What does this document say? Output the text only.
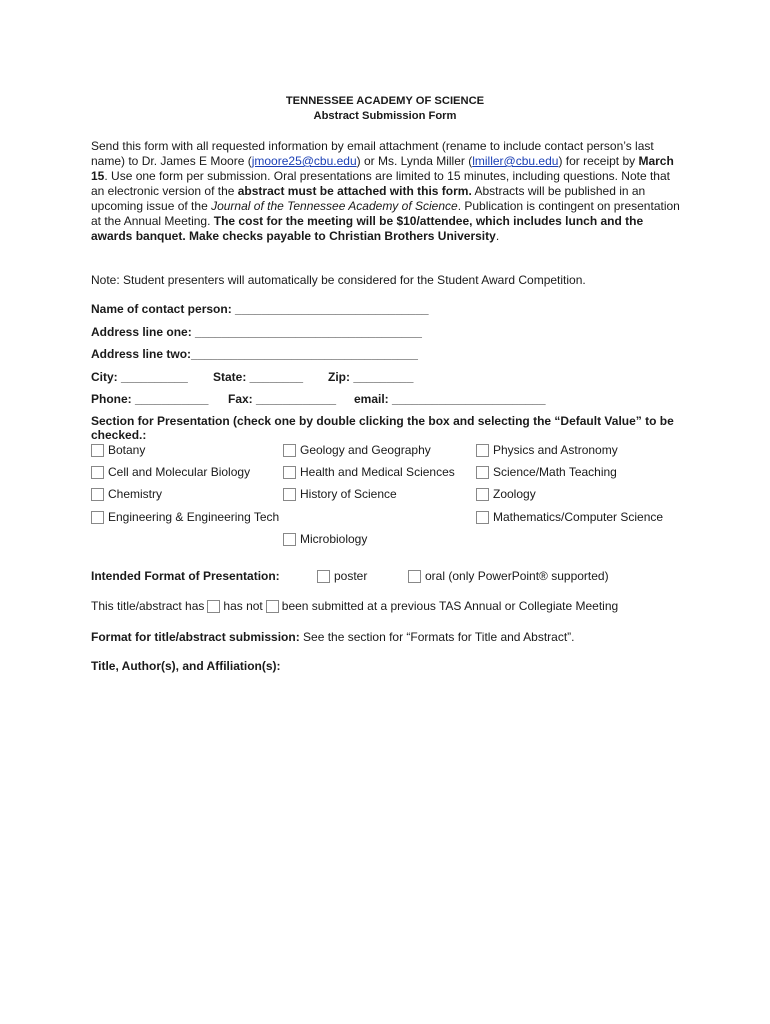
TENNESSEE ACADEMY OF SCIENCE
Abstract Submission Form
Send this form with all requested information by email attachment (rename to include contact person’s last name) to Dr. James E Moore (jmoore25@cbu.edu) or Ms. Lynda Miller (lmiller@cbu.edu) for receipt by March 15. Use one form per submission. Oral presentations are limited to 15 minutes, including questions. Note that an electronic version of the abstract must be attached with this form. Abstracts will be published in an upcoming issue of the Journal of the Tennessee Academy of Science. Publication is contingent on presentation at the Annual Meeting. The cost for the meeting will be $10/attendee, which includes lunch and the awards banquet. Make checks payable to Christian Brothers University.
Note: Student presenters will automatically be considered for the Student Award Competition.
Name of contact person: _____________________________
Address line one: __________________________________
Address line two:__________________________________
City: __________ State: ________ Zip: _________
Phone: ___________ Fax: ____________ email: _______________________
Section for Presentation (check one by double clicking the box and selecting the “Default Value” to be checked.:
Botany
Cell and Molecular Biology
Chemistry
Engineering & Engineering Tech
Geology and Geography
Health and Medical Sciences
History of Science
Microbiology
Physics and Astronomy
Science/Math Teaching
Zoology
Mathematics/Computer Science
Intended Format of Presentation:	poster	oral (only PowerPoint® supported)
This title/abstract has has not been submitted at a previous TAS Annual or Collegiate Meeting
Format for title/abstract submission: See the section for “Formats for Title and Abstract”.
Title, Author(s), and Affiliation(s):
